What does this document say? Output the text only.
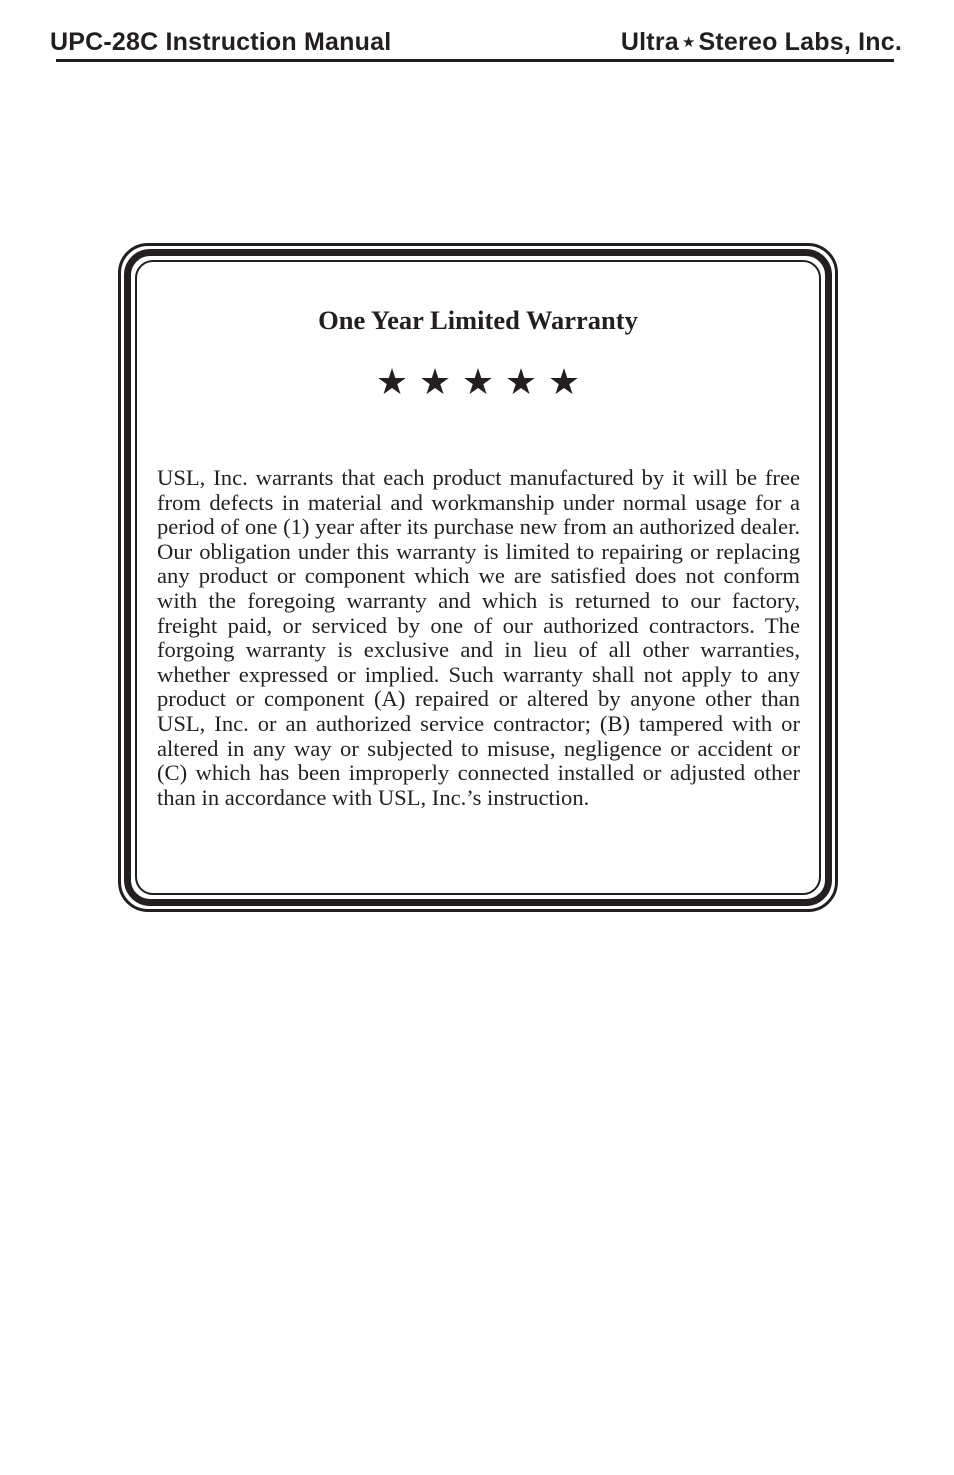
UPC-28C Instruction Manual	Ultra ★ Stereo Labs, Inc.
One Year Limited Warranty
★ ★ ★ ★ ★

USL, Inc. warrants that each product manufactured by it will be free from defects in material and workmanship under normal usage for a period of one (1) year after its purchase new from an authorized dealer. Our obligation under this warranty is limited to repairing or replacing any product or component which we are satisfied does not conform with the foregoing warranty and which is returned to our factory, freight paid, or serviced by one of our authorized contractors. The forgoing warranty is exclusive and in lieu of all other warranties, whether expressed or implied. Such warranty shall not apply to any product or component (A) repaired or altered by anyone other than USL, Inc. or an authorized service contractor; (B) tampered with or altered in any way or subjected to misuse, negligence or accident or (C) which has been improperly connected installed or adjusted other than in accordance with USL, Inc.’s instruction.
